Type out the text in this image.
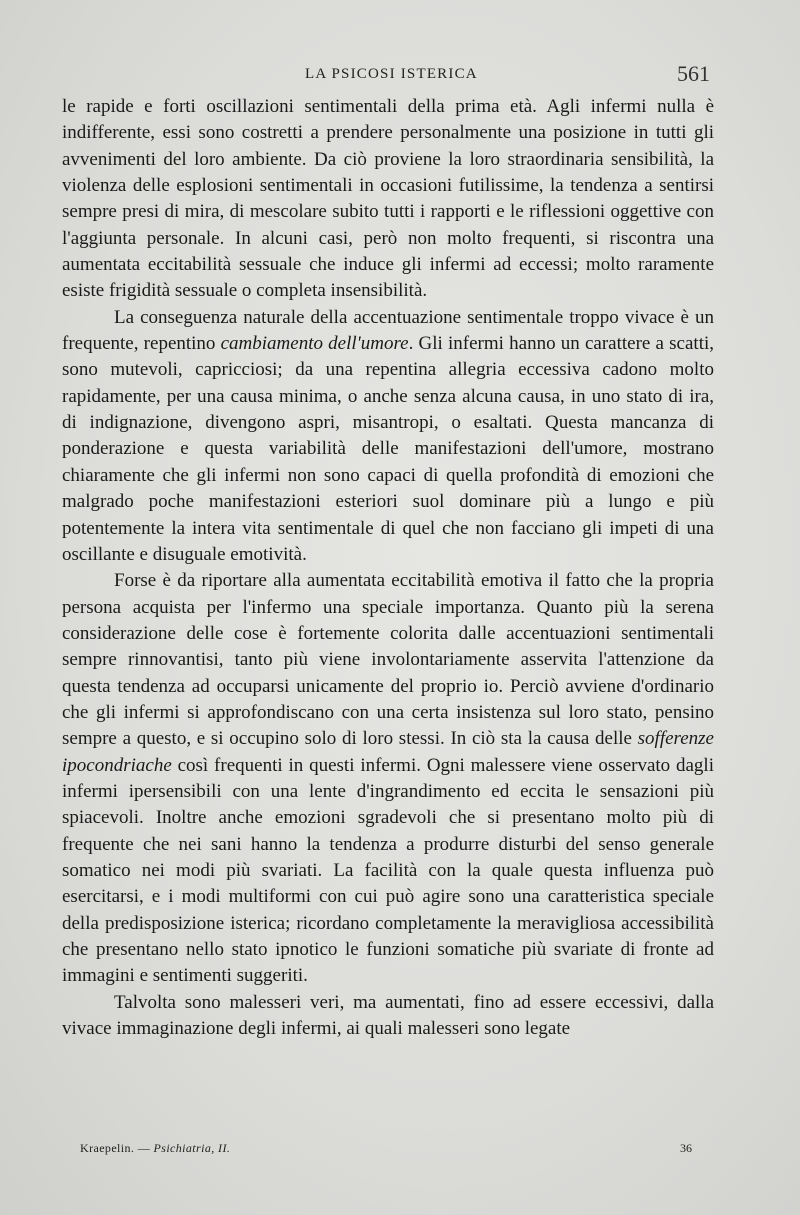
LA PSICOSI ISTERICA	561

le rapide e forti oscillazioni sentimentali della prima età. Agli infermi nulla è indifferente, essi sono costretti a prendere personalmente una posizione in tutti gli avvenimenti del loro ambiente. Da ciò proviene la loro straordinaria sensibilità, la violenza delle esplosioni sentimentali in occasioni futilissime, la tendenza a sentirsi sempre presi di mira, di mescolare subito tutti i rapporti e le riflessioni oggettive con l'aggiunta personale. In alcuni casi, però non molto frequenti, si riscontra una aumentata eccitabilità sessuale che induce gli infermi ad eccessi; molto raramente esiste frigidità sessuale o completa insensibilità.

La conseguenza naturale della accentuazione sentimentale troppo vivace è un frequente, repentino cambiamento dell'umore. Gli infermi hanno un carattere a scatti, sono mutevoli, capricciosi; da una repentina allegria eccessiva cadono molto rapidamente, per una causa minima, o anche senza alcuna causa, in uno stato di ira, di indignazione, divengono aspri, misantropi, o esaltati. Questa mancanza di ponderazione e questa variabilità delle manifestazioni dell'umore, mostrano chiaramente che gli infermi non sono capaci di quella profondità di emozioni che malgrado poche manifestazioni esteriori suol dominare più a lungo e più potentemente la intera vita sentimentale di quel che non facciano gli impeti di una oscillante e disuguale emotività.

Forse è da riportare alla aumentata eccitabilità emotiva il fatto che la propria persona acquista per l'infermo una speciale importanza. Quanto più la serena considerazione delle cose è fortemente colorita dalle accentuazioni sentimentali sempre rinnovantisi, tanto più viene involontariamente asservita l'attenzione da questa tendenza ad occuparsi unicamente del proprio io. Perciò avviene d'ordinario che gli infermi si approfondiscano con una certa insistenza sul loro stato, pensino sempre a questo, e si occupino solo di loro stessi. In ciò sta la causa delle sofferenze ipocondriache così frequenti in questi infermi. Ogni malessere viene osservato dagli infermi ipersensibili con una lente d'ingrandimento ed eccita le sensazioni più spiacevoli. Inoltre anche emozioni sgradevoli che si presentano molto più di frequente che nei sani hanno la tendenza a produrre disturbi del senso generale somatico nei modi più svariati. La facilità con la quale questa influenza può esercitarsi, e i modi multiformi con cui può agire sono una caratteristica speciale della predisposizione isterica; ricordano completamente la meravigliosa accessibilità che presentano nello stato ipnotico le funzioni somatiche più svariate di fronte ad immagini e sentimenti suggeriti.

Talvolta sono malesseri veri, ma aumentati, fino ad essere eccessivi, dalla vivace immaginazione degli infermi, ai quali malesseri sono legate

Kraepelin. — Psichiatria, II.	36
